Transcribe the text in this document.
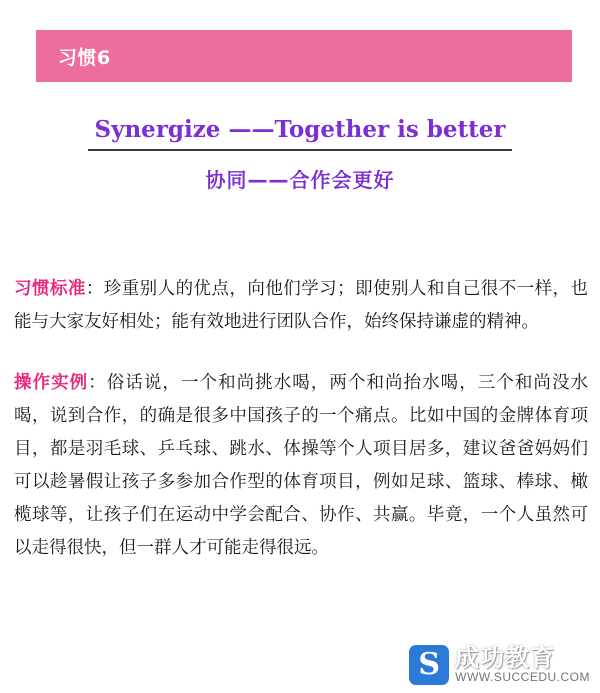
习惯6
Synergize ——Together is better
协同——合作会更好

习惯标准：珍重别人的优点，向他们学习；即使别人和自己很不一样，也能与大家友好相处；能有效地进行团队合作，始终保持谦虚的精神。

操作实例：俗话说，一个和尚挑水喝，两个和尚抬水喝，三个和尚没水喝，说到合作，的确是很多中国孩子的一个痛点。比如中国的金牌体育项目，都是羽毛球、乒乓球、跳水、体操等个人项目居多，建议爸爸妈妈们可以趁暑假让孩子多参加合作型的体育项目，例如足球、篮球、棒球、橄榄球等，让孩子们在运动中学会配合、协作、共赢。毕竟，一个人虽然可以走得很快，但一群人才可能走得很远。

S
成功教育
WWW.SUCCEDU.COM
